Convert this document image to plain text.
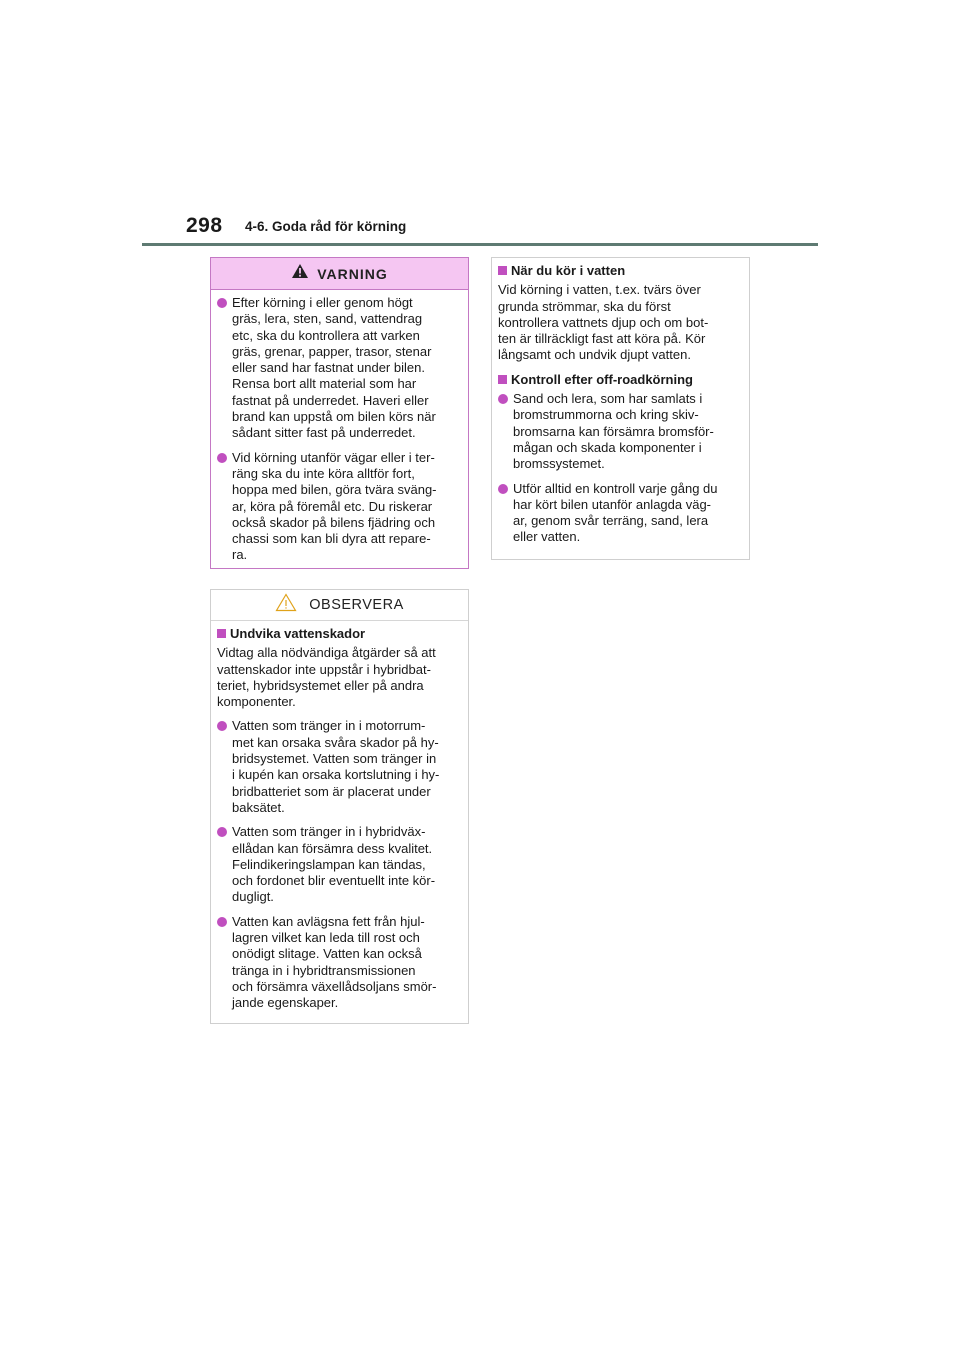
298 4-6. Goda råd för körning
VARNING
Efter körning i eller genom högt
gräs, lera, sten, sand, vattendrag
etc, ska du kontrollera att varken
gräs, grenar, papper, trasor, stenar
eller sand har fastnat under bilen.
Rensa bort allt material som har
fastnat på underredet. Haveri eller
brand kan uppstå om bilen körs när
sådant sitter fast på underredet.
Vid körning utanför vägar eller i ter-
räng ska du inte köra alltför fort,
hoppa med bilen, göra tvära sväng-
ar, köra på föremål etc. Du riskerar
också skador på bilens fjädring och
chassi som kan bli dyra att repare-
ra.
OBSERVERA
Undvika vattenskador
Vidtag alla nödvändiga åtgärder så att
vattenskador inte uppstår i hybridbat-
teriet, hybridsystemet eller på andra
komponenter.
Vatten som tränger in i motorrum-
met kan orsaka svåra skador på hy-
bridsystemet. Vatten som tränger in
i kupén kan orsaka kortslutning i hy-
bridbatteriet som är placerat under
baksätet.
Vatten som tränger in i hybridväx-
ellådan kan försämra dess kvalitet.
Felindikeringslampan kan tändas,
och fordonet blir eventuellt inte kör-
dugligt.
Vatten kan avlägsna fett från hjul-
lagren vilket kan leda till rost och
onödigt slitage. Vatten kan också
tränga in i hybridtransmissionen
och försämra växellådsoljans smör-
jande egenskaper.
När du kör i vatten
Vid körning i vatten, t.ex. tvärs över
grunda strömmar, ska du först
kontrollera vattnets djup och om bot-
ten är tillräckligt fast att köra på. Kör
långsamt och undvik djupt vatten.
Kontroll efter off-roadkörning
Sand och lera, som har samlats i
bromstrummorna och kring skiv-
bromsarna kan försämra bromsför-
mågan och skada komponenter i
bromssystemet.
Utför alltid en kontroll varje gång du
har kört bilen utanför anlagda väg-
ar, genom svår terräng, sand, lera
eller vatten.
